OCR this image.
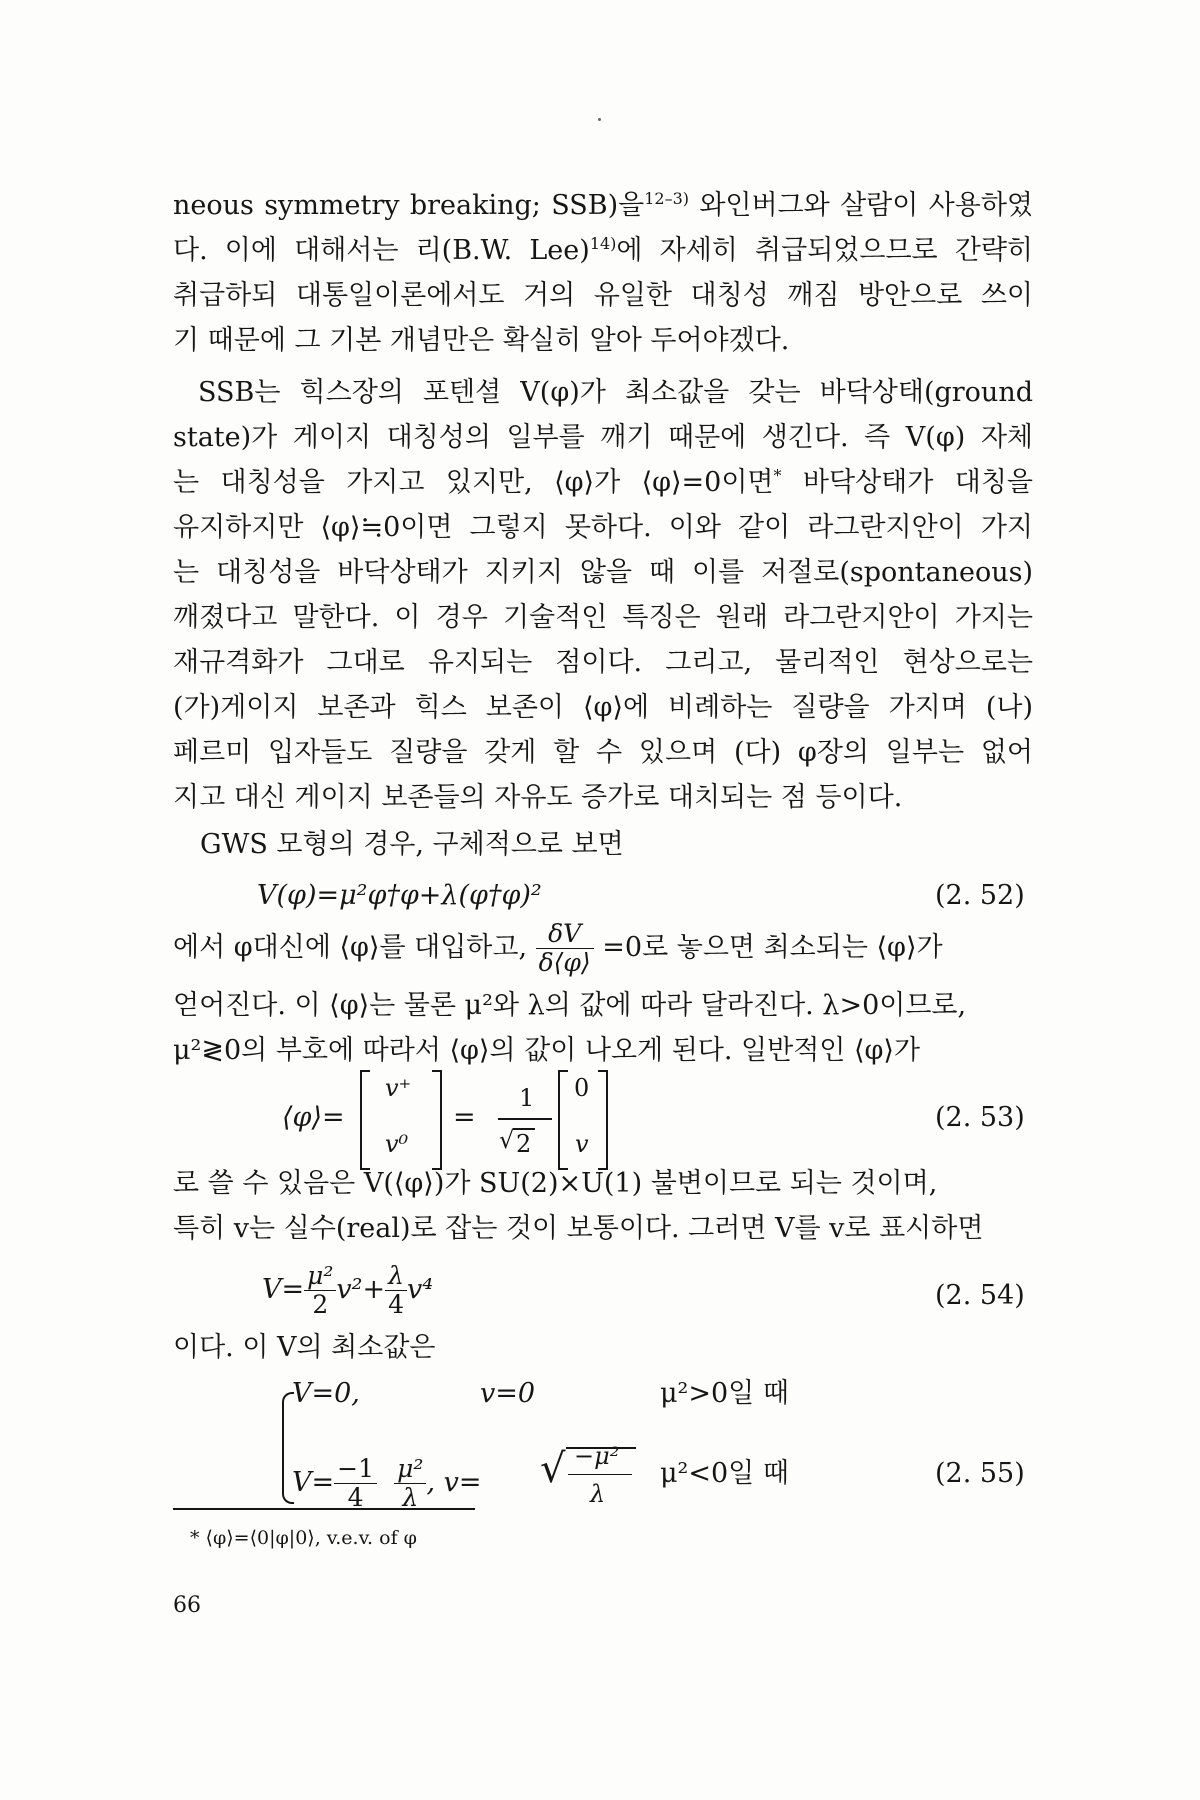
neous symmetry breaking; SSB)을$^{12-3)}$ 와인버그와 살람이 사용하였
다. 이에 대해서는 리(B.W. Lee)$^{14)}$에 자세히 취급되었으므로 간략히
취급하되 대통일이론에서도 거의 유일한 대칭성 깨짐 방안으로 쓰이
기 때문에 그 기본 개념만은 확실히 알아 두어야겠다.
SSB는 힉스장의 포텐셜 V(φ)가 최소값을 갖는 바닥상태(ground
state)가 게이지 대칭성의 일부를 깨기 때문에 생긴다. 즉 V(φ) 자체
는 대칭성을 가지고 있지만, ⟨φ⟩가 ⟨φ⟩=0이면* 바닥상태가 대칭을
유지하지만 ⟨φ⟩≒0이면 그렇지 못하다. 이와 같이 라그란지안이 가지
는 대칭성을 바닥상태가 지키지 않을 때 이를 저절로(spontaneous)
깨졌다고 말한다. 이 경우 기술적인 특징은 원래 라그란지안이 가지는
재규격화가 그대로 유지되는 점이다. 그리고, 물리적인 현상으로는
(가)게이지 보존과 힉스 보존이 ⟨φ⟩에 비례하는 질량을 가지며 (나)
페르미 입자들도 질량을 갖게 할 수 있으며 (다) φ장의 일부는 없어
지고 대신 게이지 보존들의 자유도 증가로 대치되는 점 등이다.
GWS 모형의 경우, 구체적으로 보면
V(φ)=μ²φ†φ+λ(φ†φ)²	(2. 52)
에서 φ대신에 ⟨φ⟩를 대입하고, $\frac{\delta V}{\delta⟨\varphi⟩} =0$로 놓으면 최소되는 ⟨φ⟩가
얻어진다. 이 ⟨φ⟩는 물론 μ²와 λ의 값에 따라 달라진다. λ>0이므로,
μ²≷0의 부호에 따라서 ⟨φ⟩의 값이 나오게 된다. 일반적인 ⟨φ⟩가
⟨φ⟩=
v⁺
v⁰
=
1
√ 2
0
v
(2. 53)
로 쓸 수 있음은 V(⟨φ⟩)가 SU(2)×U(1) 불변이므로 되는 것이며,
특히 v는 실수(real)로 잡는 것이 보통이다. 그러면 V를 v로 표시하면
$V= \frac{\text{μ²}}{2} v^2+ \frac{\lambda}{4} v^4$	(2. 54)
이다. 이 V의 최소값은
V=0,	v=0	μ²>0일 때
$V= \frac{-1}{4}$
$\frac{\text{μ²}}{\lambda}$ , v= √ −μ²
λ
μ²<0일 때	(2. 55)
* ⟨φ⟩=⟨0|φ|0⟩, v.e.v. of φ
66
